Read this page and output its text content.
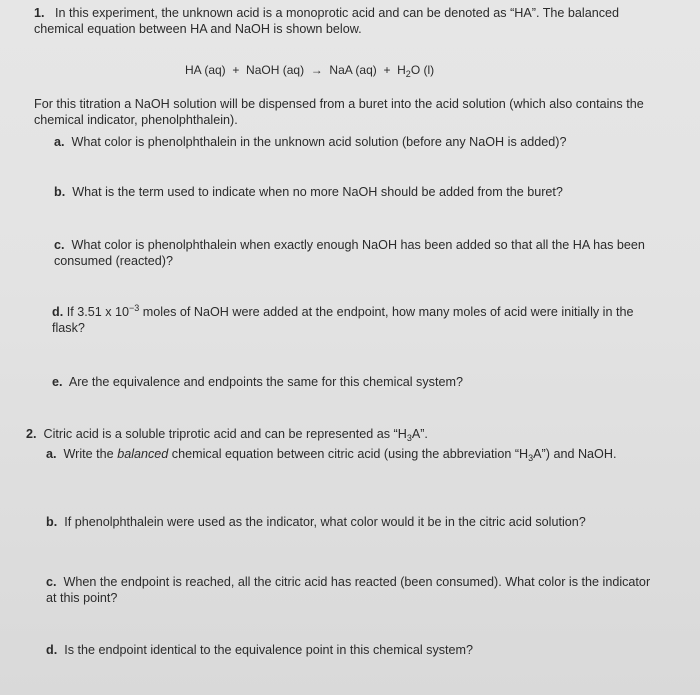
1. In this experiment, the unknown acid is a monoprotic acid and can be denoted as “HA”. The balanced
chemical equation between HA and NaOH is shown below.
HA (aq) + NaOH (aq) → NaA $(aq) + H_2O$ (l)
For this titration a NaOH solution will be dispensed from a buret into the acid solution (which also contains the
chemical indicator, phenolphthalein).
a. What color is phenolphthalein in the unknown acid solution (before any NaOH is added)?
b. What is the term used to indicate when no more NaOH should be added from the buret?
c. What color is phenolphthalein when exactly enough NaOH has been added so that all the HA has been
consumed (reacted)?
d. If 3.51 x $10^{-3}$ moles of NaOH were added at the endpoint, how many moles of acid were initially in the
flask?
e. Are the equivalence and endpoints the same for this chemical system?
2. Citric acid is a soluble triprotic acid and can be represented as “$H_3A$”.
a. Write the balanced chemical equation between citric acid (using the abbreviation “$H_3A$”) and NaOH.
b. If phenolphthalein were used as the indicator, what color would it be in the citric acid solution?
c. When the endpoint is reached, all the citric acid has reacted (been consumed). What color is the indicator
at this point?
d. Is the endpoint identical to the equivalence point in this chemical system?
